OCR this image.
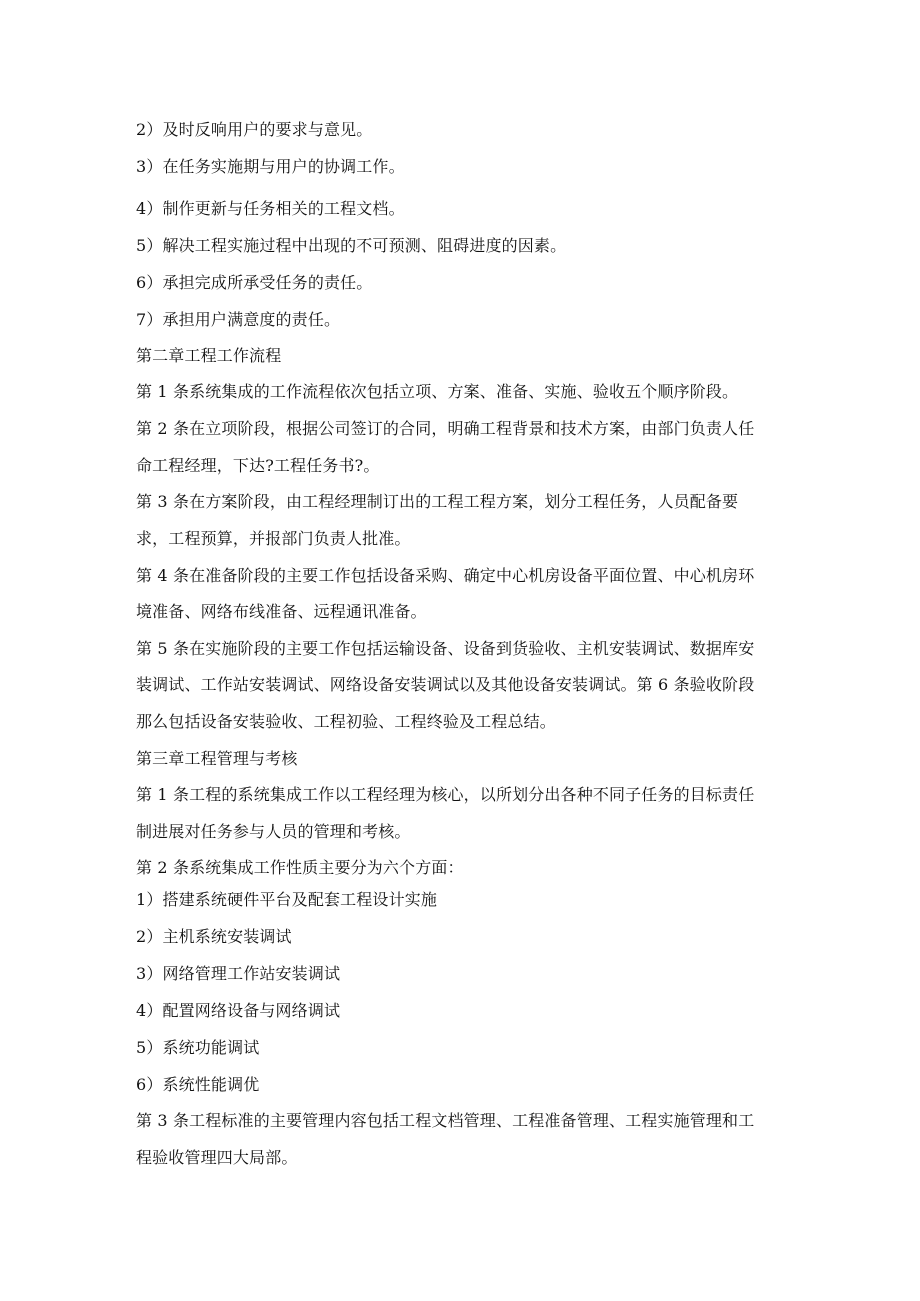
2）及时反响用户的要求与意见。
3）在任务实施期与用户的协调工作。
4）制作更新与任务相关的工程文档。
5）解决工程实施过程中出现的不可预测、阻碍进度的因素。
6）承担完成所承受任务的责任。
7）承担用户满意度的责任。
第二章工程工作流程
第 1 条系统集成的工作流程依次包括立项、方案、准备、实施、验收五个顺序阶段。
第 2 条在立项阶段，根据公司签订的合同，明确工程背景和技术方案，由部门负责人任
命工程经理，下达?工程任务书?。
第 3 条在方案阶段，由工程经理制订出的工程工程方案，划分工程任务，人员配备要
求，工程预算，并报部门负责人批准。
第 4 条在准备阶段的主要工作包括设备采购、确定中心机房设备平面位置、中心机房环
境准备、网络布线准备、远程通讯准备。
第 5 条在实施阶段的主要工作包括运输设备、设备到货验收、主机安装调试、数据库安
装调试、工作站安装调试、网络设备安装调试以及其他设备安装调试。第 6 条验收阶段
那么包括设备安装验收、工程初验、工程终验及工程总结。
第三章工程管理与考核
第 1 条工程的系统集成工作以工程经理为核心，以所划分出各种不同子任务的目标责任
制进展对任务参与人员的管理和考核。
第 2 条系统集成工作性质主要分为六个方面：
1）搭建系统硬件平台及配套工程设计实施
2）主机系统安装调试
3）网络管理工作站安装调试
4）配置网络设备与网络调试
5）系统功能调试
6）系统性能调优
第 3 条工程标准的主要管理内容包括工程文档管理、工程准备管理、工程实施管理和工
程验收管理四大局部。
